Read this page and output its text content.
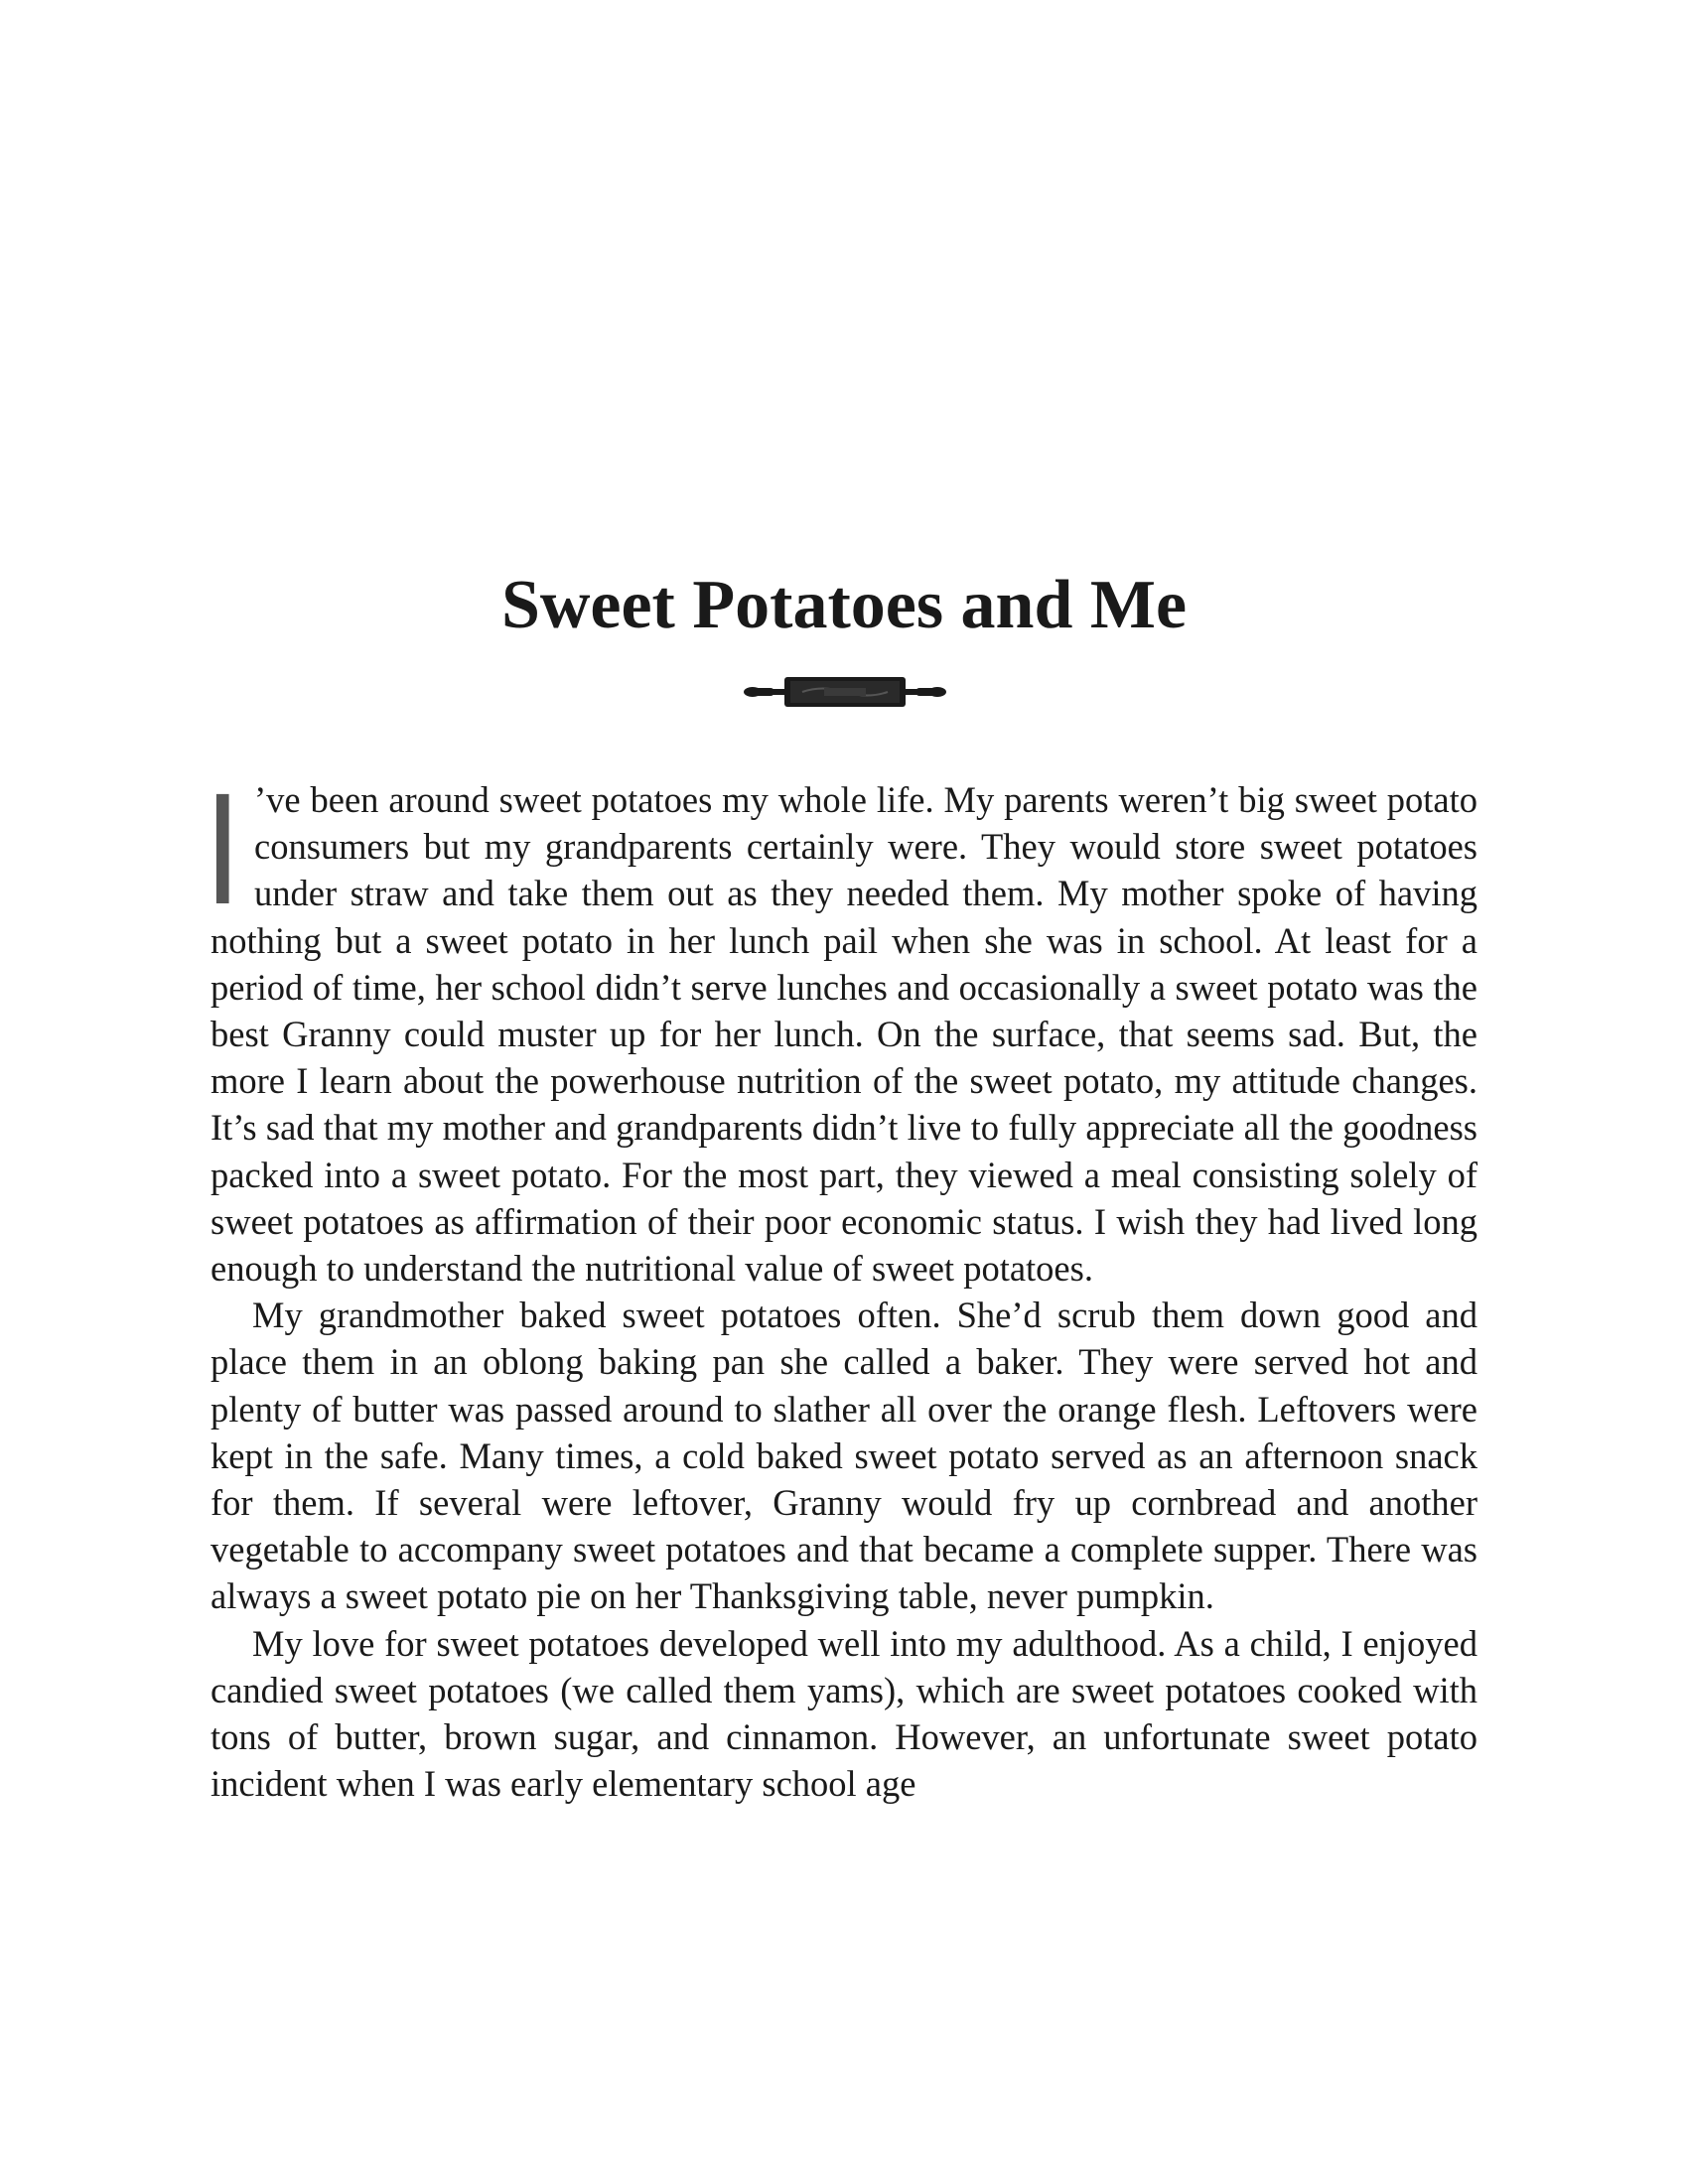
Sweet Potatoes and Me

I ’ve been around sweet potatoes my whole life. My parents weren’t big sweet potato consumers but my grandparents certainly were. They would store sweet potatoes under straw and take them out as they needed them. My mother spoke of having nothing but a sweet potato in her lunch pail when she was in school. At least for a period of time, her school didn’t serve lunches and occasionally a sweet potato was the best Granny could muster up for her lunch. On the surface, that seems sad. But, the more I learn about the powerhouse nutrition of the sweet potato, my attitude changes. It’s sad that my mother and grandparents didn’t live to fully appreciate all the goodness packed into a sweet potato. For the most part, they viewed a meal consisting solely of sweet potatoes as affirmation of their poor economic status. I wish they had lived long enough to understand the nutritional value of sweet potatoes.

My grandmother baked sweet potatoes often. She’d scrub them down good and place them in an oblong baking pan she called a baker. They were served hot and plenty of butter was passed around to slather all over the orange flesh. Leftovers were kept in the safe. Many times, a cold baked sweet potato served as an afternoon snack for them. If several were leftover, Granny would fry up cornbread and another vegetable to accompany sweet potatoes and that became a complete supper. There was always a sweet potato pie on her Thanksgiving table, never pumpkin.

My love for sweet potatoes developed well into my adulthood. As a child, I enjoyed candied sweet potatoes (we called them yams), which are sweet potatoes cooked with tons of butter, brown sugar, and cinnamon. However, an unfortunate sweet potato incident when I was early elementary school age
